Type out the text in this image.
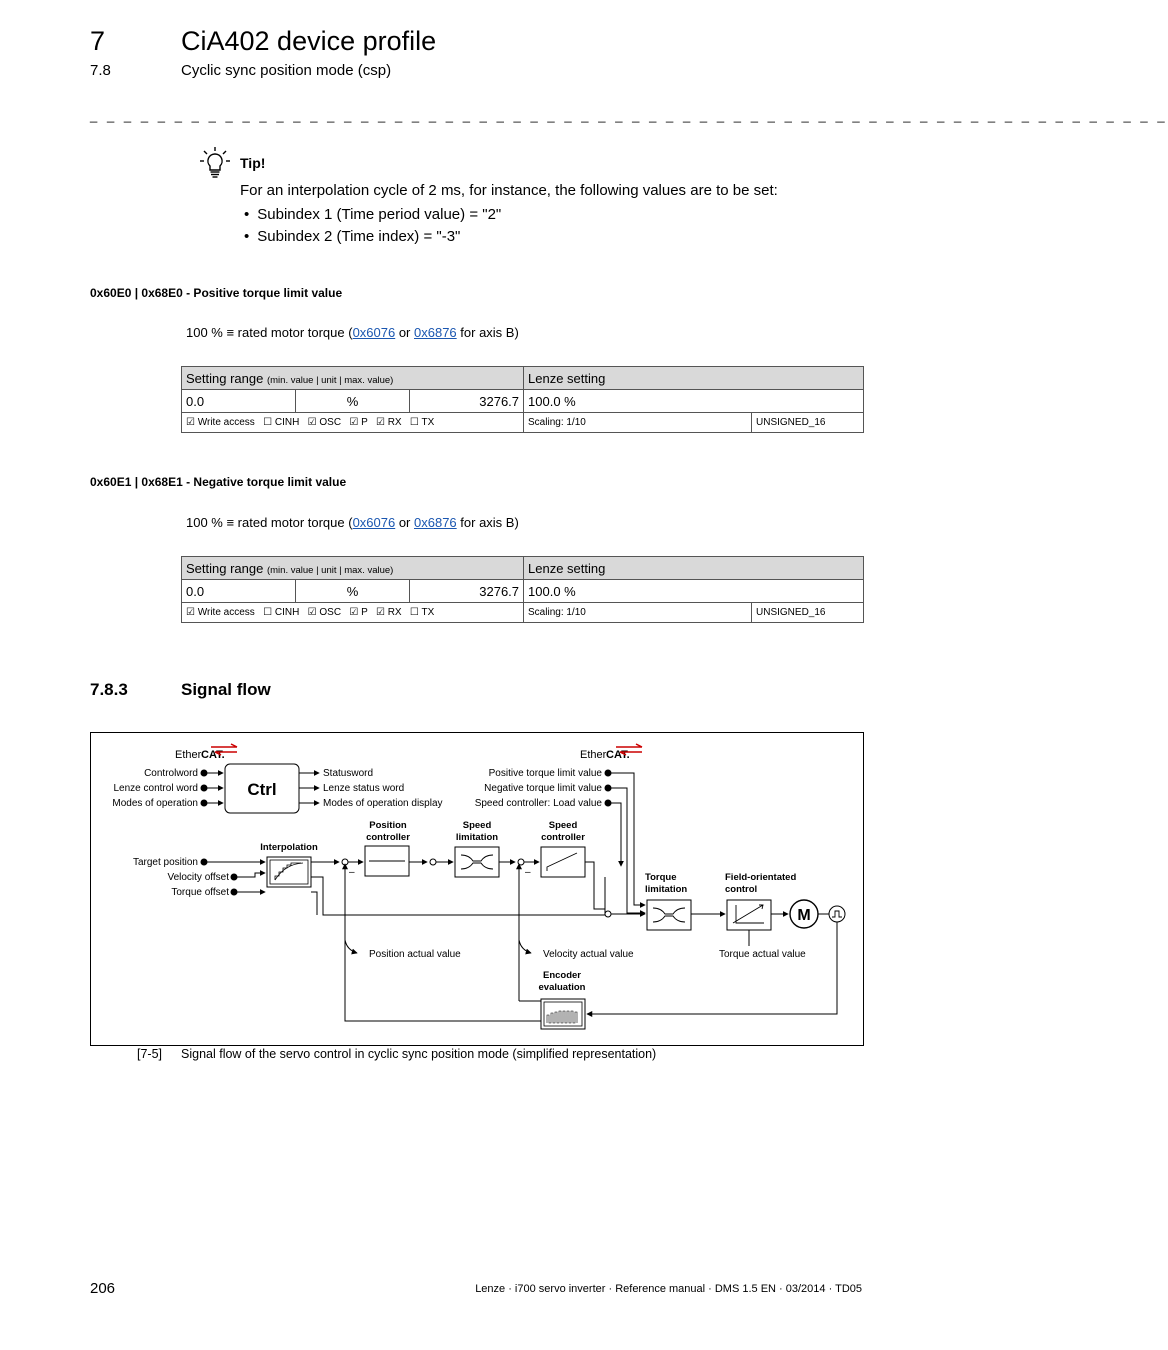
7	CiA402 device profile
7.8	Cyclic sync position mode (csp)
_ _ _ _ _ _ _ _ _ _ _ _ _ _ _ _ _ _ _ _ _ _ _ _ _ _ _ _ _ _ _ _ _ _ _ _ _ _ _ _ _ _ _ _ _ _ _ _ _ _ _ _ _ _ _ _ _ _ _ _ _ _ _ _
Tip!
For an interpolation cycle of 2 ms, for instance, the following values are to be set:
• Subindex 1 (Time period value) = "2"
• Subindex 2 (Time index) = "-3"
0x60E0 | 0x68E0 - Positive torque limit value
100 % ≡ rated motor torque (0x6076 or 0x6876 for axis B)
Setting range (min. value | unit | max. value)			Lenze setting	
0.0	%	3276.7	100.0 %	
☑ Write access   ☐ CINH   ☑ OSC   ☑ P   ☑ RX   ☐ TX			Scaling: 1/10	UNSIGNED_16
0x60E1 | 0x68E1 - Negative torque limit value
100 % ≡ rated motor torque (0x6076 or 0x6876 for axis B)
Setting range (min. value | unit | max. value)			Lenze setting	
0.0	%	3276.7	100.0 %	
☑ Write access   ☐ CINH   ☑ OSC   ☑ P   ☑ RX   ☐ TX			Scaling: 1/10	UNSIGNED_16
7.8.3	Signal flow
Ether CAT.	Ether CAT.
Ctrl
Controlword
Lenze control word
Modes of operation
Statusword
Lenze status word
Modes of operation display
Positive torque limit value
Negative torque limit value
Speed controller: Load value
Target position
Velocity offset
Torque offset
Interpolation
–
Position controller
Speed limitation
–
Speed controller
Torque limitation
Field-orientated control
M
Torque actual value
Encoder evaluation
Position actual value	Velocity actual value
[7-5] Signal flow of the servo control in cyclic sync position mode (simplified representation)
206	Lenze · i700 servo inverter · Reference manual · DMS 1.5 EN · 03/2014 · TD05
